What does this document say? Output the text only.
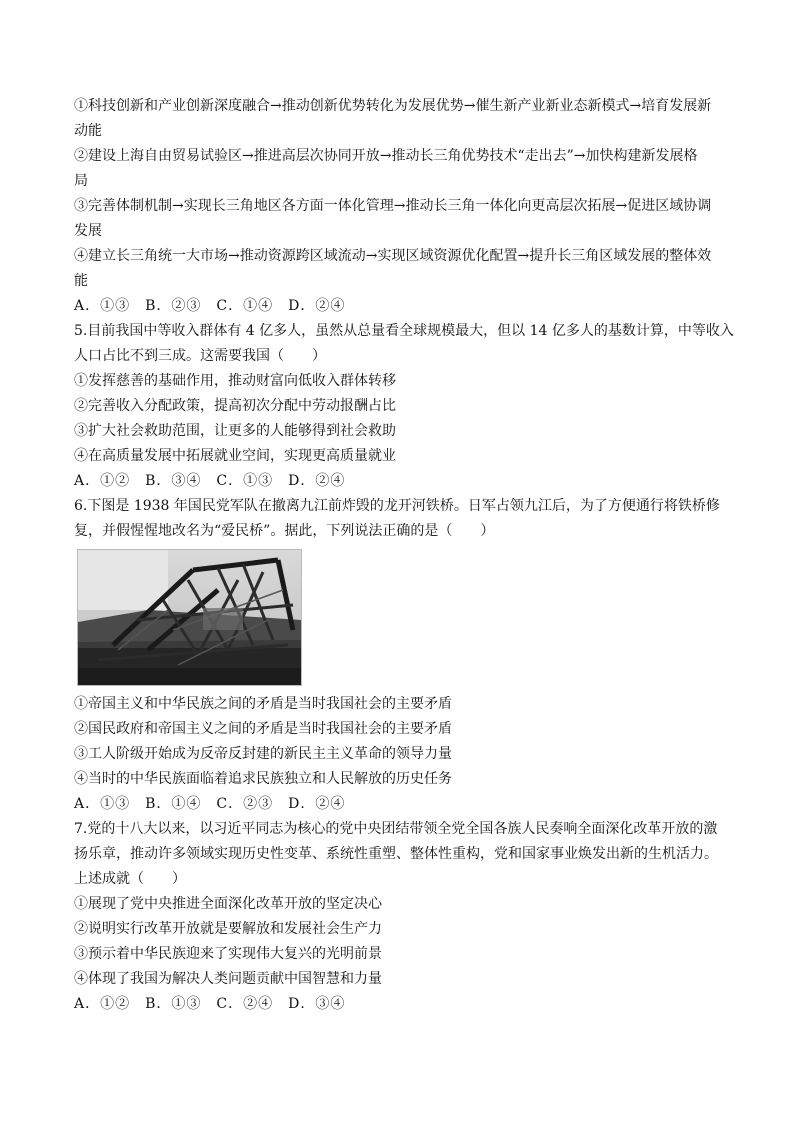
①科技创新和产业创新深度融合→推动创新优势转化为发展优势→催生新产业新业态新模式→培育发展新
动能
②建设上海自由贸易试验区→推进高层次协同开放→推动长三角优势技术“走出去”→加快构建新发展格
局
③完善体制机制→实现长三角地区各方面一体化管理→推动长三角一体化向更高层次拓展→促进区域协调
发展
④建立长三角统一大市场→推动资源跨区域流动→实现区域资源优化配置→提升长三角区域发展的整体效
能
A．①③　B．②③　C．①④　D．②④
5.目前我国中等收入群体有 4 亿多人，虽然从总量看全球规模最大，但以 14 亿多人的基数计算，中等收入
人口占比不到三成。这需要我国（　　）
①发挥慈善的基础作用，推动财富向低收入群体转移
②完善收入分配政策，提高初次分配中劳动报酬占比
③扩大社会救助范围，让更多的人能够得到社会救助
④在高质量发展中拓展就业空间，实现更高质量就业
A．①②　B．③④　C．①③　D．②④
6.下图是 1938 年国民党军队在撤离九江前炸毁的龙开河铁桥。日军占领九江后，为了方便通行将铁桥修
复，并假惺惺地改名为“爱民桥”。据此，下列说法正确的是（　　）
①帝国主义和中华民族之间的矛盾是当时我国社会的主要矛盾
②国民政府和帝国主义之间的矛盾是当时我国社会的主要矛盾
③工人阶级开始成为反帝反封建的新民主主义革命的领导力量
④当时的中华民族面临着追求民族独立和人民解放的历史任务
A．①③　B．①④　C．②③　D．②④
7.党的十八大以来，以习近平同志为核心的党中央团结带领全党全国各族人民奏响全面深化改革开放的激
扬乐章，推动许多领域实现历史性变革、系统性重塑、整体性重构，党和国家事业焕发出新的生机活力。
上述成就（　　）
①展现了党中央推进全面深化改革开放的坚定决心
②说明实行改革开放就是要解放和发展社会生产力
③预示着中华民族迎来了实现伟大复兴的光明前景
④体现了我国为解决人类问题贡献中国智慧和力量
A．①②　B．①③　C．②④　D．③④
